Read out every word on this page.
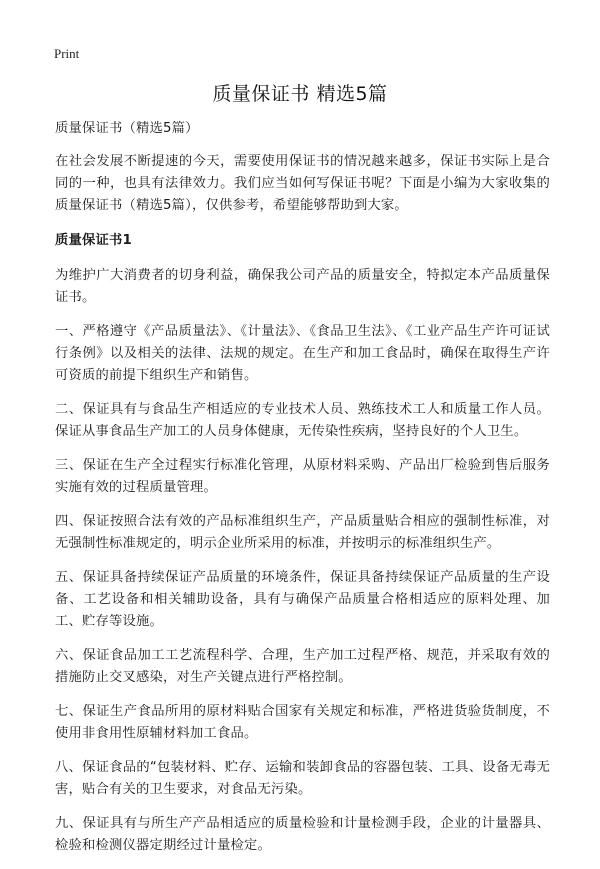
Print
质量保证书 精选5篇

质量保证书（精选5篇）

在社会发展不断提速的今天，需要使用保证书的情况越来越多，保证书实际上是合同的一种，也具有法律效力。我们应当如何写保证书呢？下面是小编为大家收集的质量保证书（精选5篇），仅供参考，希望能够帮助到大家。

质量保证书1

为维护广大消费者的切身利益，确保我公司产品的质量安全，特拟定本产品质量保证书。

一、严格遵守《产品质量法》、《计量法》、《食品卫生法》、《工业产品生产许可证试行条例》以及相关的法律、法规的规定。在生产和加工食品时，确保在取得生产许可资质的前提下组织生产和销售。

二、保证具有与食品生产相适应的专业技术人员、熟练技术工人和质量工作人员。保证从事食品生产加工的人员身体健康，无传染性疾病，坚持良好的个人卫生。

三、保证在生产全过程实行标准化管理，从原材料采购、产品出厂检验到售后服务实施有效的过程质量管理。

四、保证按照合法有效的产品标准组织生产，产品质量贴合相应的强制性标准，对无强制性标准规定的，明示企业所采用的标准，并按明示的标准组织生产。

五、保证具备持续保证产品质量的环境条件，保证具备持续保证产品质量的生产设备、工艺设备和相关辅助设备，具有与确保产品质量合格相适应的原料处理、加工、贮存等设施。

六、保证食品加工工艺流程科学、合理，生产加工过程严格、规范，并采取有效的措施防止交叉感染，对生产关键点进行严格控制。

七、保证生产食品所用的原材料贴合国家有关规定和标准，严格进货验货制度，不使用非食用性原辅材料加工食品。

八、保证食品的“包装材料、贮存、运输和装卸食品的容器包装、工具、设备无毒无害，贴合有关的卫生要求，对食品无污染。

九、保证具有与所生产产品相适应的质量检验和计量检测手段，企业的计量器具、检验和检测仪器定期经过计量检定。
